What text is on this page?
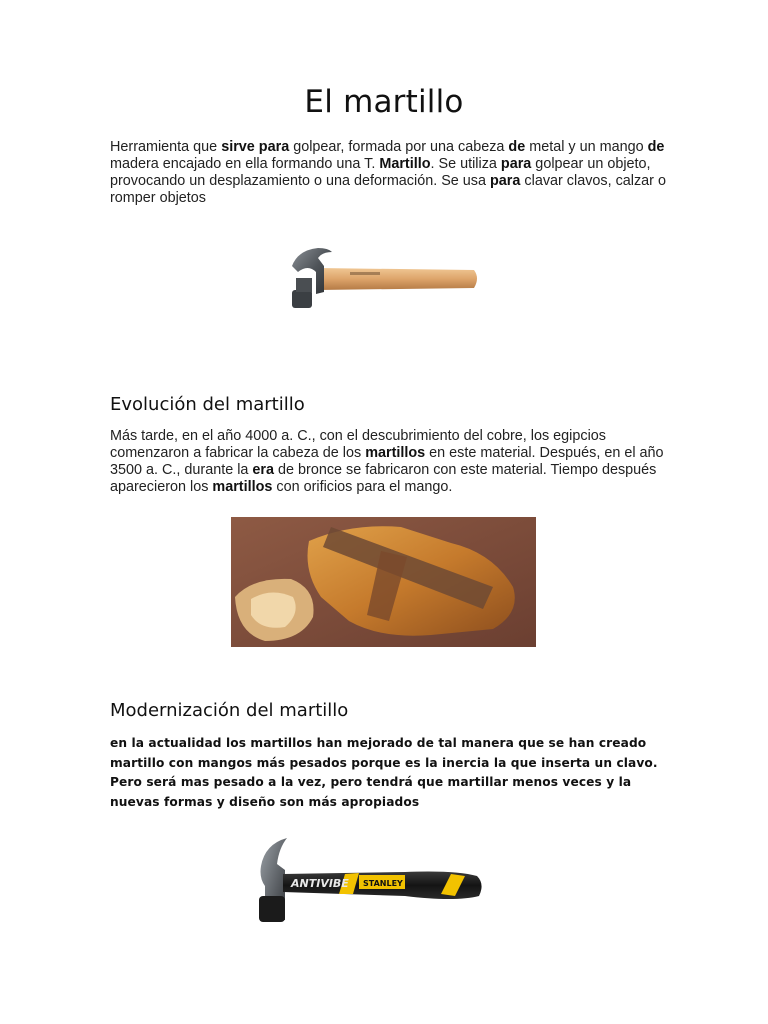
El martillo

Herramienta que sirve para golpear, formada por una cabeza de metal y un mango de madera encajado en ella formando una T. Martillo. Se utiliza para golpear un objeto, provocando un desplazamiento o una deformación. Se usa para clavar clavos, calzar o romper objetos

Evolución del martillo

Más tarde, en el año 4000 a. C., con el descubrimiento del cobre, los egipcios comenzaron a fabricar la cabeza de los martillos en este material. Después, en el año 3500 a. C., durante la era de bronce se fabricaron con este material. Tiempo después aparecieron los martillos con orificios para el mango.

Modernización del martillo

en la actualidad los martillos han mejorado de tal manera que se han creado martillo con mangos más pesados porque es la inercia la que inserta un clavo. Pero será mas pesado a la vez, pero tendrá que martillar menos veces y la nuevas formas y diseño son más apropiados

ANTIVIBE STANLEY
